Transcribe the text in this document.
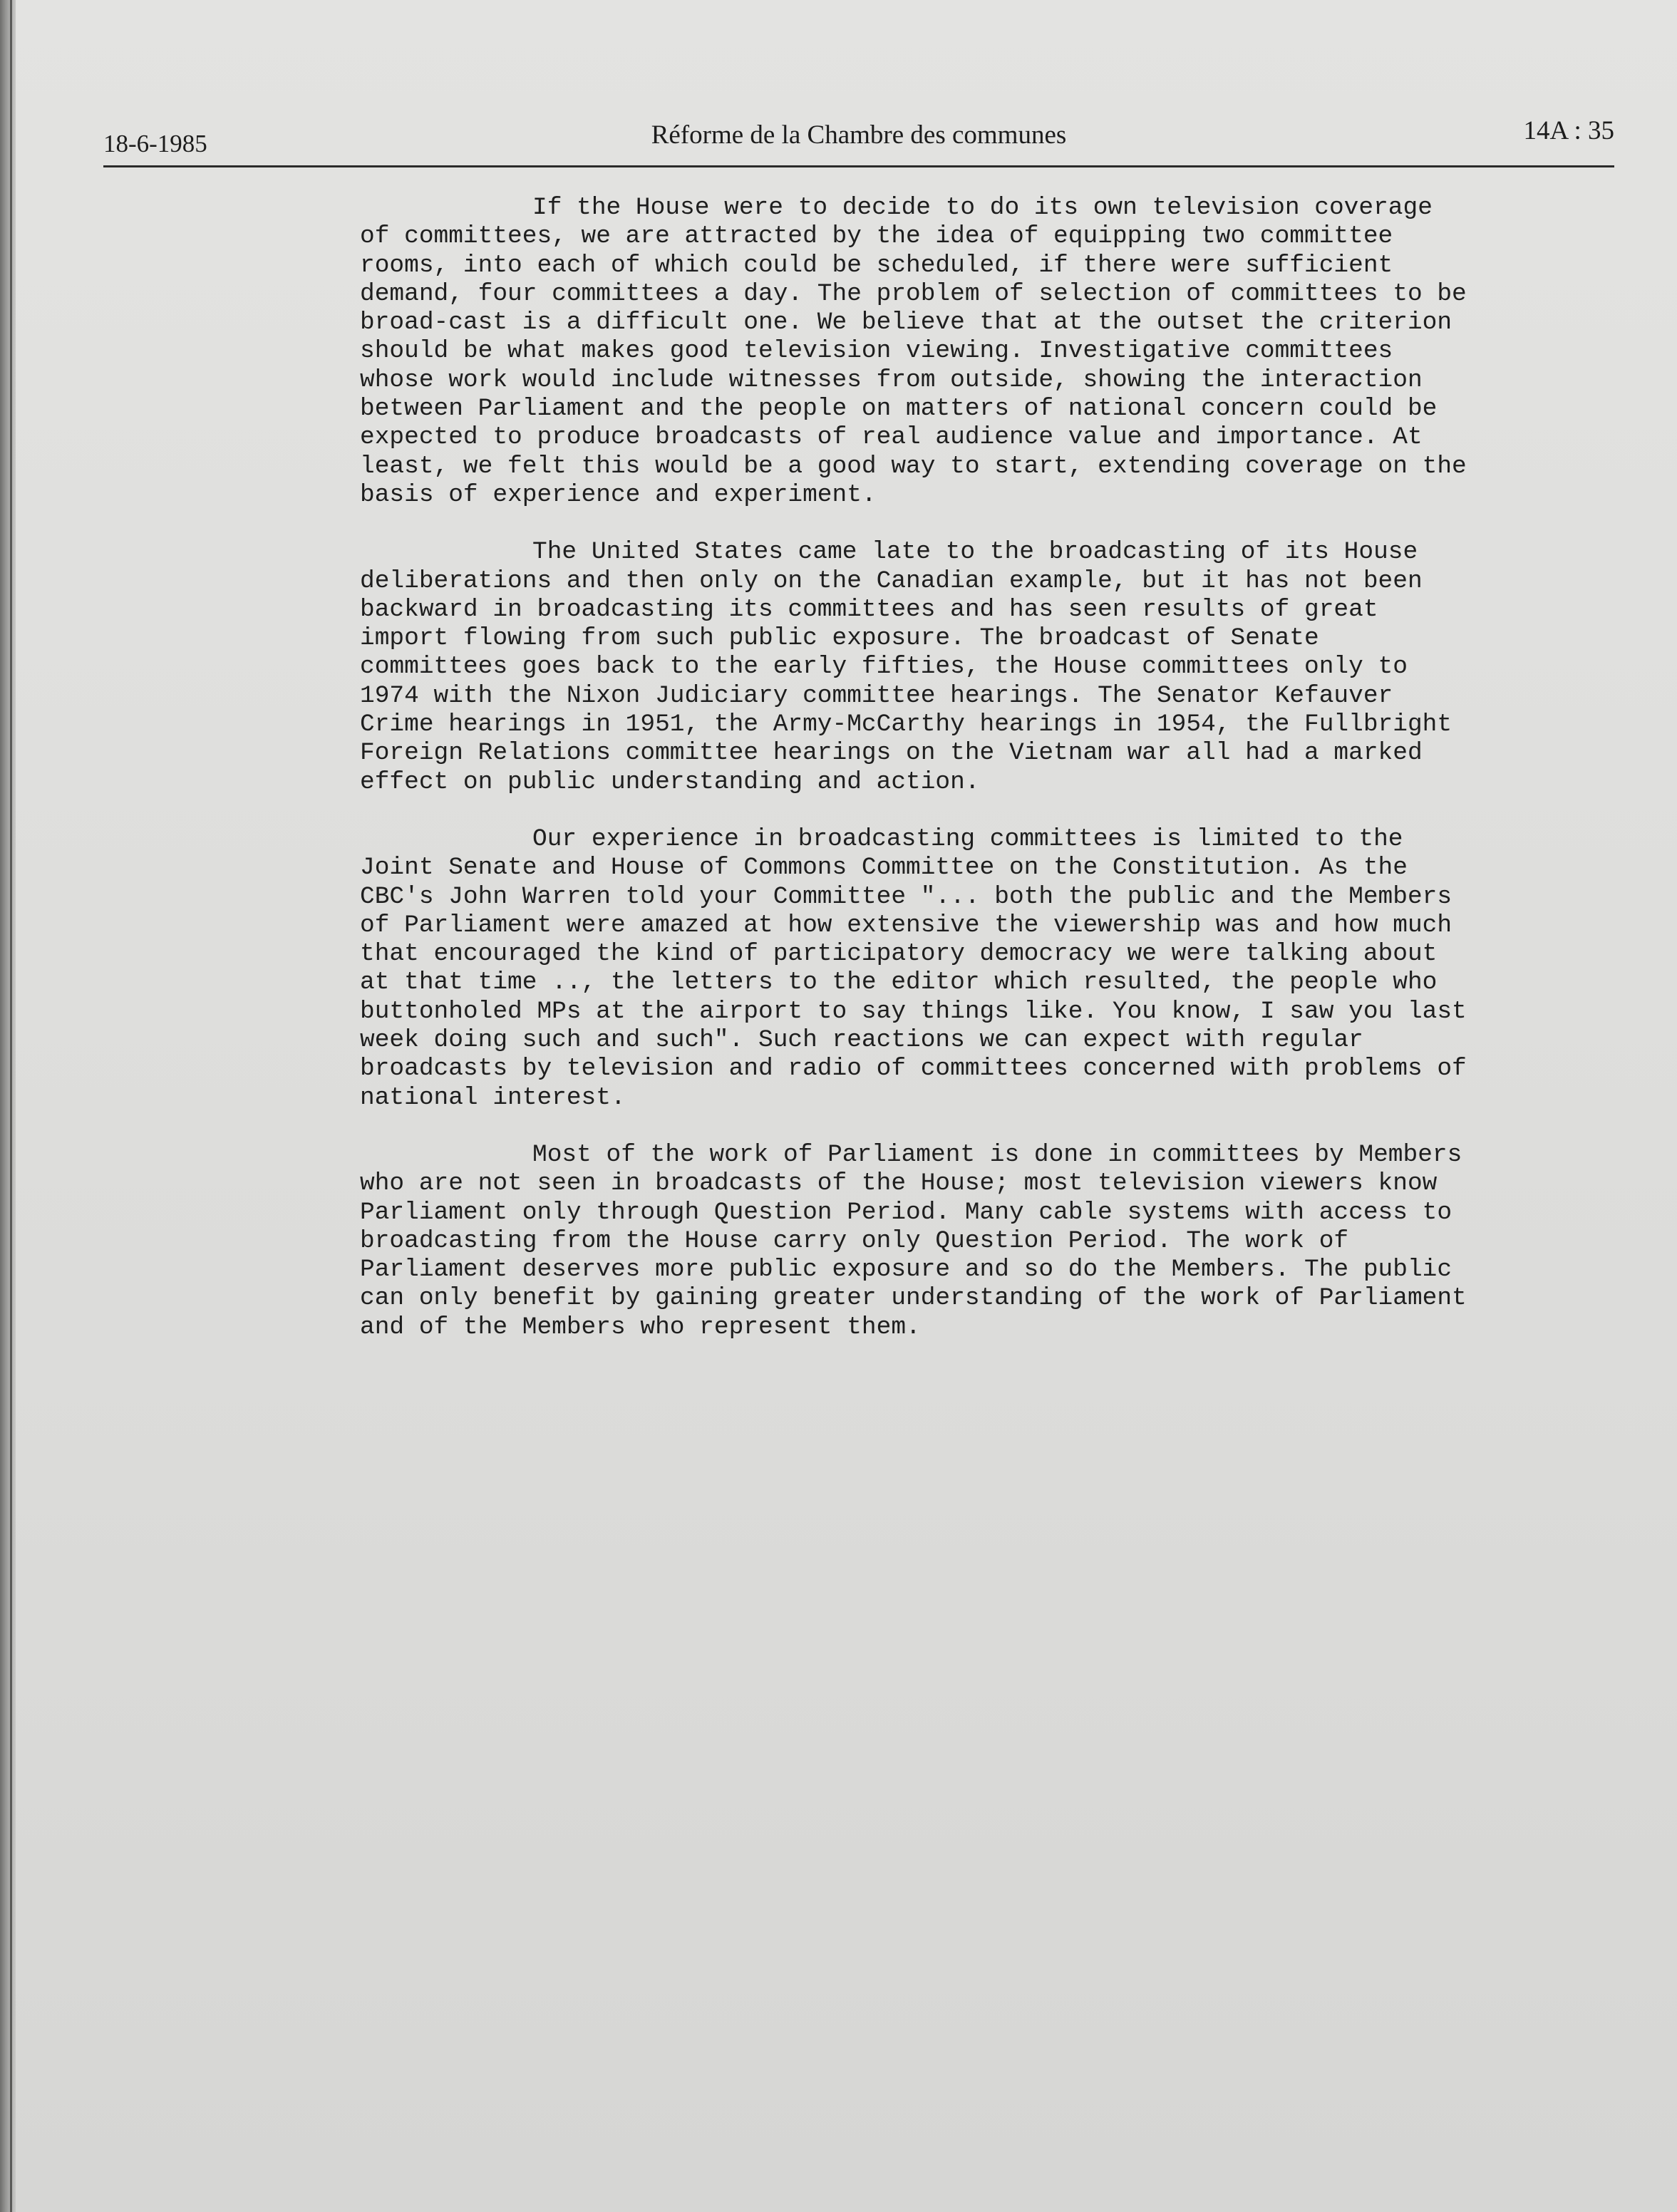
18-6-1985	Réforme de la Chambre des communes	14A : 35

If the House were to decide to do its own television coverage of committees, we are attracted by the idea of equipping two committee rooms, into each of which could be scheduled, if there were sufficient demand, four committees a day. The problem of selection of committees to be broad-cast is a difficult one. We believe that at the outset the criterion should be what makes good television viewing. Investigative committees whose work would include witnesses from outside, showing the interaction between Parliament and the people on matters of national concern could be expected to produce broadcasts of real audience value and importance. At least, we felt this would be a good way to start, extending coverage on the basis of experience and experiment.

The United States came late to the broadcasting of its House deliberations and then only on the Canadian example, but it has not been backward in broadcasting its committees and has seen results of great import flowing from such public exposure. The broadcast of Senate committees goes back to the early fifties, the House committees only to 1974 with the Nixon Judiciary committee hearings. The Senator Kefauver Crime hearings in 1951, the Army-McCarthy hearings in 1954, the Fullbright Foreign Relations committee hearings on the Vietnam war all had a marked effect on public understanding and action.

Our experience in broadcasting committees is limited to the Joint Senate and House of Commons Committee on the Constitution. As the CBC's John Warren told your Committee "... both the public and the Members of Parliament were amazed at how extensive the viewership was and how much that encouraged the kind of participatory democracy we were talking about at that time .., the letters to the editor which resulted, the people who buttonholed MPs at the airport to say things like. You know, I saw you last week doing such and such". Such reactions we can expect with regular broadcasts by television and radio of committees concerned with problems of national interest.

Most of the work of Parliament is done in committees by Members who are not seen in broadcasts of the House; most television viewers know Parliament only through Question Period. Many cable systems with access to broadcasting from the House carry only Question Period. The work of Parliament deserves more public exposure and so do the Members. The public can only benefit by gaining greater understanding of the work of Parliament and of the Members who represent them.
